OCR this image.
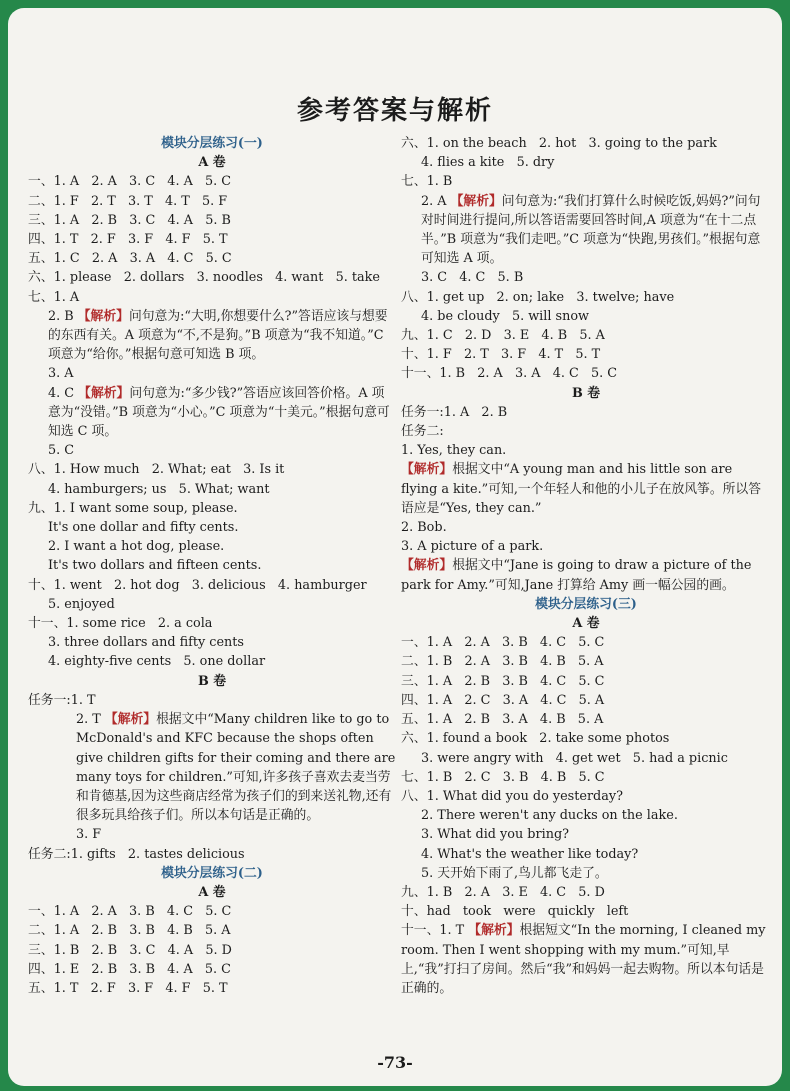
参考答案与解析
模块分层练习(一)
A 卷
一、1. A   2. A   3. C   4. A   5. C
二、1. F   2. T   3. T   4. T   5. F
三、1. A   2. B   3. C   4. A   5. B
四、1. T   2. F   3. F   4. F   5. T
五、1. C   2. A   3. A   4. C   5. C
六、1. please   2. dollars   3. noodles   4. want   5. take
七、1. A
2. B 【解析】问句意为:“大明,你想要什么?”答语应该与想要的东西有关。A 项意为“不,不是狗。”B 项意为“我不知道。”C 项意为“给你。”根据句意可知选 B 项。
3. A
4. C 【解析】问句意为:“多少钱?”答语应该回答价格。A 项意为“没错。”B 项意为“小心。”C 项意为“十美元。”根据句意可知选 C 项。
5. C
八、1. How much   2. What; eat   3. Is it
4. hamburgers; us   5. What; want
九、1. I want some soup, please.
It's one dollar and fifty cents.
2. I want a hot dog, please.
It's two dollars and fifteen cents.
十、1. went   2. hot dog   3. delicious   4. hamburger
5. enjoyed
十一、1. some rice   2. a cola
3. three dollars and fifty cents
4. eighty-five cents   5. one dollar
B 卷
任务一:1. T
2. T 【解析】根据文中“Many children like to go to McDonald's and KFC because the shops often give children gifts for their coming and there are many toys for children.”可知,许多孩子喜欢去麦当劳和肯德基,因为这些商店经常为孩子们的到来送礼物,还有很多玩具给孩子们。所以本句话是正确的。
3. F
任务二:1. gifts   2. tastes delicious
模块分层练习(二)
A 卷
一、1. A   2. A   3. B   4. C   5. C
二、1. A   2. B   3. B   4. B   5. A
三、1. B   2. B   3. C   4. A   5. D
四、1. E   2. B   3. B   4. A   5. C
五、1. T   2. F   3. F   4. F   5. T
六、1. on the beach   2. hot   3. going to the park
4. flies a kite   5. dry
七、1. B
2. A 【解析】问句意为:“我们打算什么时候吃饭,妈妈?”问句对时间进行提问,所以答语需要回答时间,A 项意为“在十二点半。”B 项意为“我们走吧。”C 项意为“快跑,男孩们。”根据句意可知选 A 项。
3. C   4. C   5. B
八、1. get up   2. on; lake   3. twelve; have
4. be cloudy   5. will snow
九、1. C   2. D   3. E   4. B   5. A
十、1. F   2. T   3. F   4. T   5. T
十一、1. B   2. A   3. A   4. C   5. C
B 卷
任务一:1. A   2. B
任务二:
1. Yes, they can.
【解析】根据文中“A young man and his little son are flying a kite.”可知,一个年轻人和他的小儿子在放风筝。所以答语应是“Yes, they can.”
2. Bob.
3. A picture of a park.
【解析】根据文中“Jane is going to draw a picture of the park for Amy.”可知,Jane 打算给 Amy 画一幅公园的画。
模块分层练习(三)
A 卷
一、1. A   2. A   3. B   4. C   5. C
二、1. B   2. A   3. B   4. B   5. A
三、1. A   2. B   3. B   4. C   5. C
四、1. A   2. C   3. A   4. C   5. A
五、1. A   2. B   3. A   4. B   5. A
六、1. found a book   2. take some photos
3. were angry with   4. get wet   5. had a picnic
七、1. B   2. C   3. B   4. B   5. C
八、1. What did you do yesterday?
2. There weren't any ducks on the lake.
3. What did you bring?
4. What's the weather like today?
5. 天开始下雨了,鸟儿都飞走了。
九、1. B   2. A   3. E   4. C   5. D
十、had   took   were   quickly   left
十一、1. T 【解析】根据短文“In the morning, I cleaned my room. Then I went shopping with my mum.”可知,早上,“我”打扫了房间。然后“我”和妈妈一起去购物。所以本句话是正确的。
-73-
